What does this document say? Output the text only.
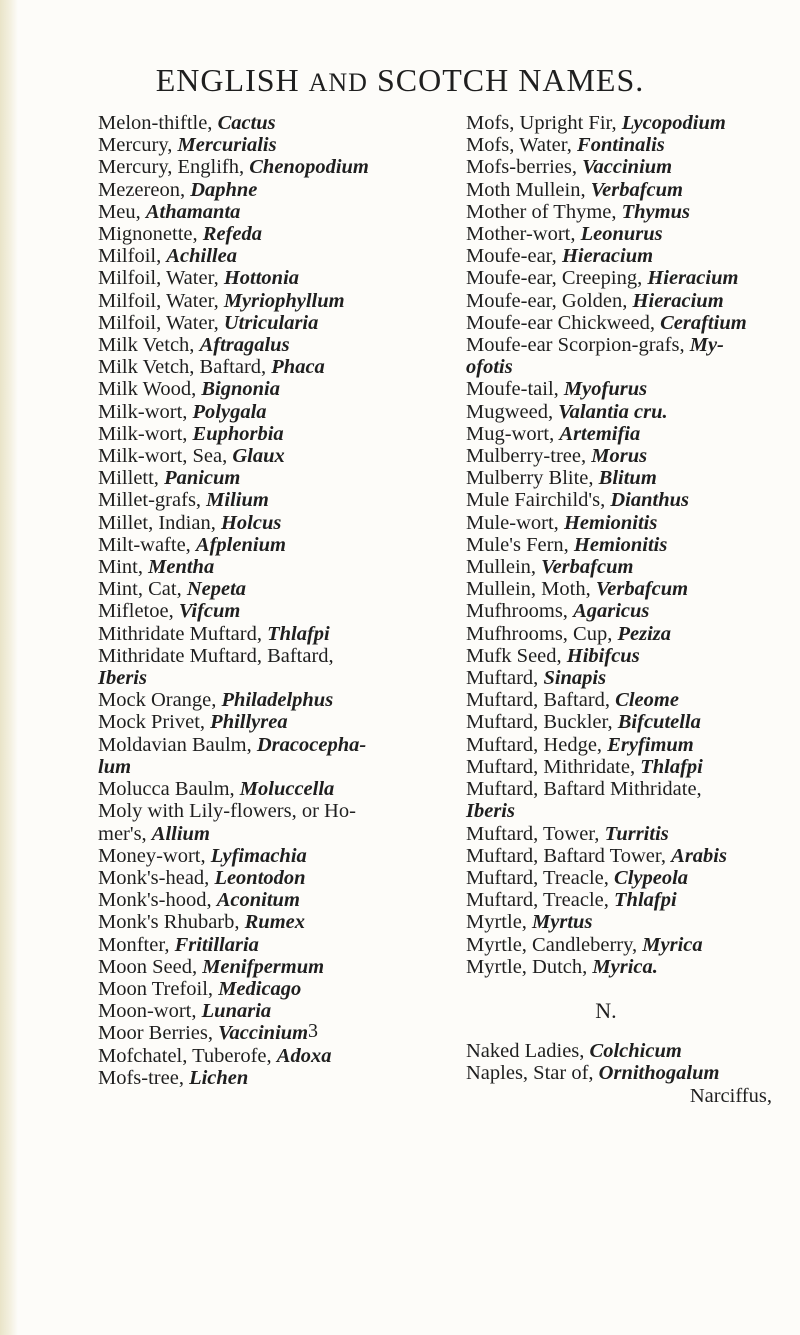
ENGLISH AND SCOTCH NAMES.
Melon-thiftle, Cactus
Mercury, Mercurialis
Mercury, Englifh, Chenopodium
Mezereon, Daphne
Meu, Athamanta
Mignonette, Refeda
Milfoil, Achillea
Milfoil, Water, Hottonia
Milfoil, Water, Myriophyllum
Milfoil, Water, Utricularia
Milk Vetch, Aftragalus
Milk Vetch, Baftard, Phaca
Milk Wood, Bignonia
Milk-wort, Polygala
Milk-wort, Euphorbia
Milk-wort, Sea, Glaux
Millett, Panicum
Millet-grafs, Milium
Millet, Indian, Holcus
Milt-wafte, Afplenium
Mint, Mentha
Mint, Cat, Nepeta
Mifletoe, Vifcum
Mithridate Muftard, Thlafpi
Mithridate Muftard, Baftard,
Iberis
Mock Orange, Philadelphus
Mock Privet, Phillyrea
Moldavian Baulm, Dracocepha-
lum
Molucca Baulm, Moluccella
Moly with Lily-flowers, or Ho-
mer's, Allium
Money-wort, Lyfimachia
Monk's-head, Leontodon
Monk's-hood, Aconitum
Monk's Rhubarb, Rumex
Monfter, Fritillaria
Moon Seed, Menifpermum
Moon Trefoil, Medicago
Moon-wort, Lunaria
Moor Berries, Vaccinium
Mofchatel, Tuberofe, Adoxa
Mofs-tree, Lichen
Mofs, Upright Fir, Lycopodium
Mofs, Water, Fontinalis
Mofs-berries, Vaccinium
Moth Mullein, Verbafcum
Mother of Thyme, Thymus
Mother-wort, Leonurus
Moufe-ear, Hieracium
Moufe-ear, Creeping, Hieracium
Moufe-ear, Golden, Hieracium
Moufe-ear Chickweed, Ceraftium
Moufe-ear Scorpion-grafs, My-
ofotis
Moufe-tail, Myofurus
Mugweed, Valantia cru.
Mug-wort, Artemifia
Mulberry-tree, Morus
Mulberry Blite, Blitum
Mule Fairchild's, Dianthus
Mule-wort, Hemionitis
Mule's Fern, Hemionitis
Mullein, Verbafcum
Mullein, Moth, Verbafcum
Mufhrooms, Agaricus
Mufhrooms, Cup, Peziza
Mufk Seed, Hibifcus
Muftard, Sinapis
Muftard, Baftard, Cleome
Muftard, Buckler, Bifcutella
Muftard, Hedge, Eryfimum
Muftard, Mithridate, Thlafpi
Muftard, Baftard Mithridate,
Iberis
Muftard, Tower, Turritis
Muftard, Baftard Tower, Arabis
Muftard, Treacle, Clypeola
Muftard, Treacle, Thlafpi
Myrtle, Myrtus
Myrtle, Candleberry, Myrica
Myrtle, Dutch, Myrica.
N.
Naked Ladies, Colchicum
Naples, Star of, Ornithogalum
Narciffus,
3
